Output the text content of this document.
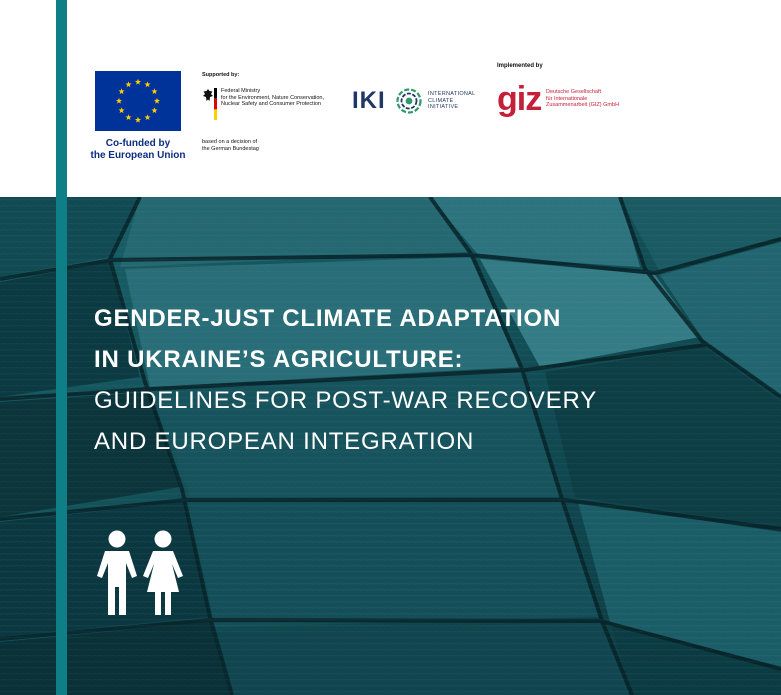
Co-funded by
the European Union
Supported by:
Federal Ministry
for the Environment, Nature Conservation,
Nuclear Safety and Consumer Protection
based on a decision of
the German Bundestag
IKI	INTERNATIONAL
CLIMATE
INITIATIVE
Implemented by
giz Deutsche Gesellschaft
für Internationale
Zusammenarbeit (GIZ) GmbH
GENDER-JUST CLIMATE ADAPTATION
IN UKRAINE’S AGRICULTURE:
GUIDELINES FOR POST-WAR RECOVERY
AND EUROPEAN INTEGRATION
